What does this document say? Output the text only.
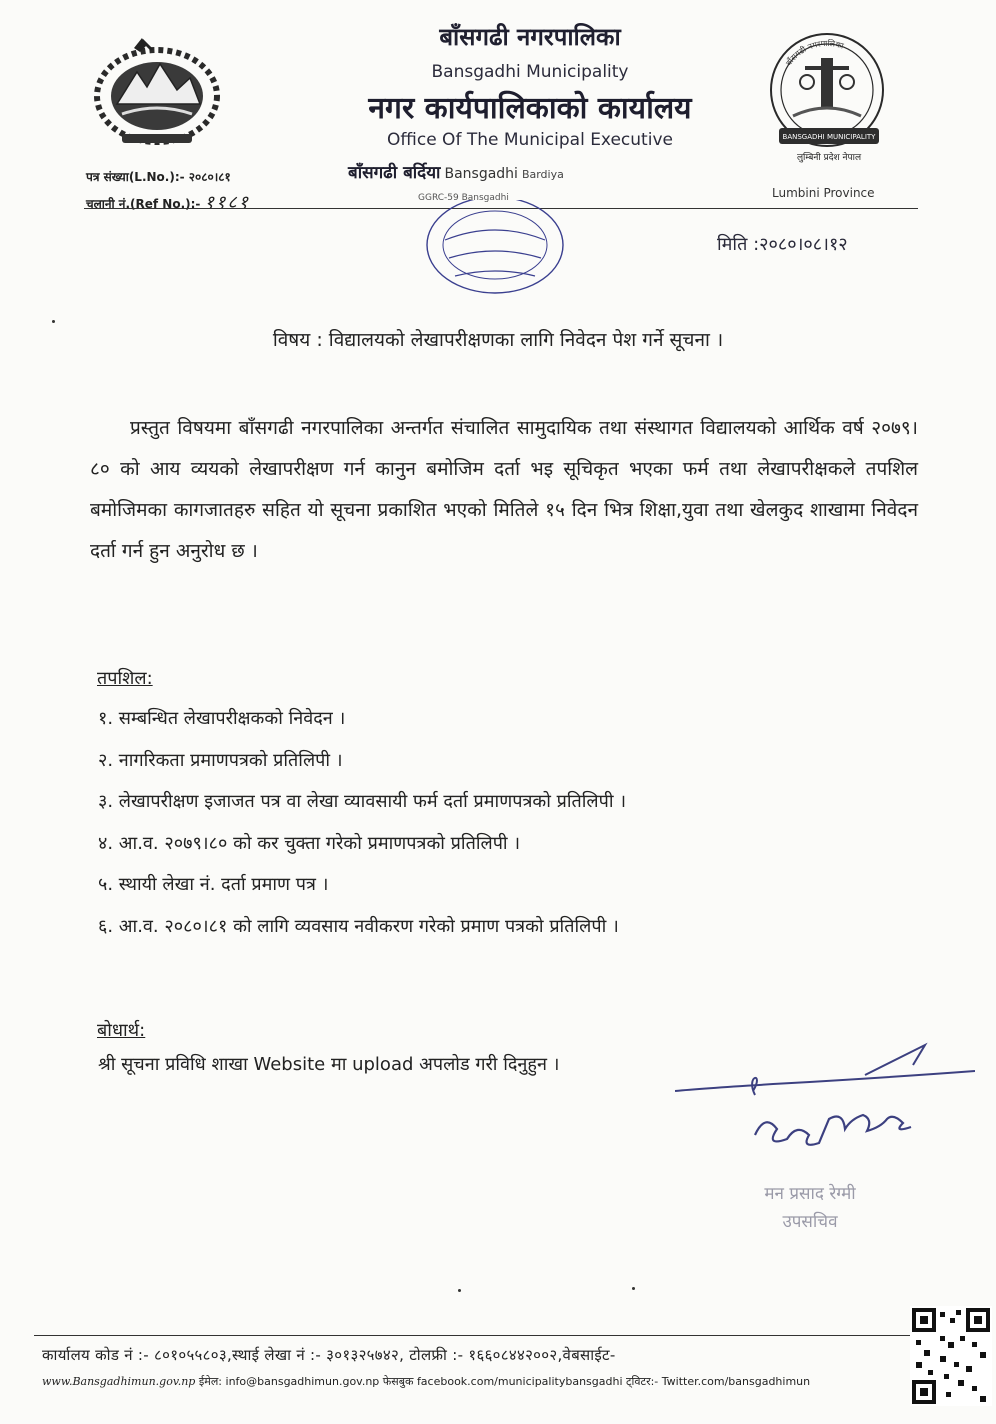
बाँसगढी नगरपालिका
Bansgadhi Municipality
नगर कार्यपालिकाको कार्यालय
Office Of The Municipal Executive
बाँसगढी बर्दिया Bansgadhi Bardiya
GGRC-59 Bansgadhi
BANSGADHI MUNICIPALITY
लुम्बिनी प्रदेश नेपाल
बाँसगढी नगरपालिका
Lumbini Province
पत्र संख्या(L.No.):- २०८०।८१
चलानी नं.(Ref No.):- ११८१
मिति :२०८०।०८।१२
विषय : विद्यालयको लेखापरीक्षणका लागि निवेदन पेश गर्ने सूचना ।
प्रस्तुत विषयमा बाँसगढी नगरपालिका अन्तर्गत संचालित सामुदायिक तथा संस्थागत विद्यालयको आर्थिक वर्ष २०७९।८० को आय व्ययको लेखापरीक्षण गर्न कानुन बमोजिम दर्ता भइ सूचिकृत भएका फर्म तथा लेखापरीक्षकले तपशिल बमोजिमका कागजातहरु सहित यो सूचना प्रकाशित भएको मितिले १५ दिन भित्र शिक्षा,युवा तथा खेलकुद शाखामा निवेदन दर्ता गर्न हुन अनुरोध छ ।
तपशिल:
१. सम्बन्धित लेखापरीक्षकको निवेदन ।
२. नागरिकता प्रमाणपत्रको प्रतिलिपी ।
३. लेखापरीक्षण इजाजत पत्र वा लेखा व्यावसायी फर्म दर्ता प्रमाणपत्रको प्रतिलिपी ।
४. आ.व. २०७९।८० को कर चुक्ता गरेको प्रमाणपत्रको प्रतिलिपी ।
५. स्थायी लेखा नं. दर्ता प्रमाण पत्र ।
६. आ.व. २०८०।८१ को लागि व्यवसाय नवीकरण गरेको प्रमाण पत्रको प्रतिलिपी ।
बोधार्थ:
श्री सूचना प्रविधि शाखा Website मा upload अपलोड गरी दिनुहुन ।
मन प्रसाद रेग्मी
उपसचिव
कार्यालय कोड नं :- ८०१०५५८०३,स्थाई लेखा नं :- ३०१३२५७४२, टोलफ्री :- १६६०८४४२००२,वेबसाईट-
www.Bansgadhimun.gov.np ईमेल: info@bansgadhimun.gov.np फेसबुक facebook.com/municipalitybansgadhi ट्विटर:- Twitter.com/bansgadhimun
